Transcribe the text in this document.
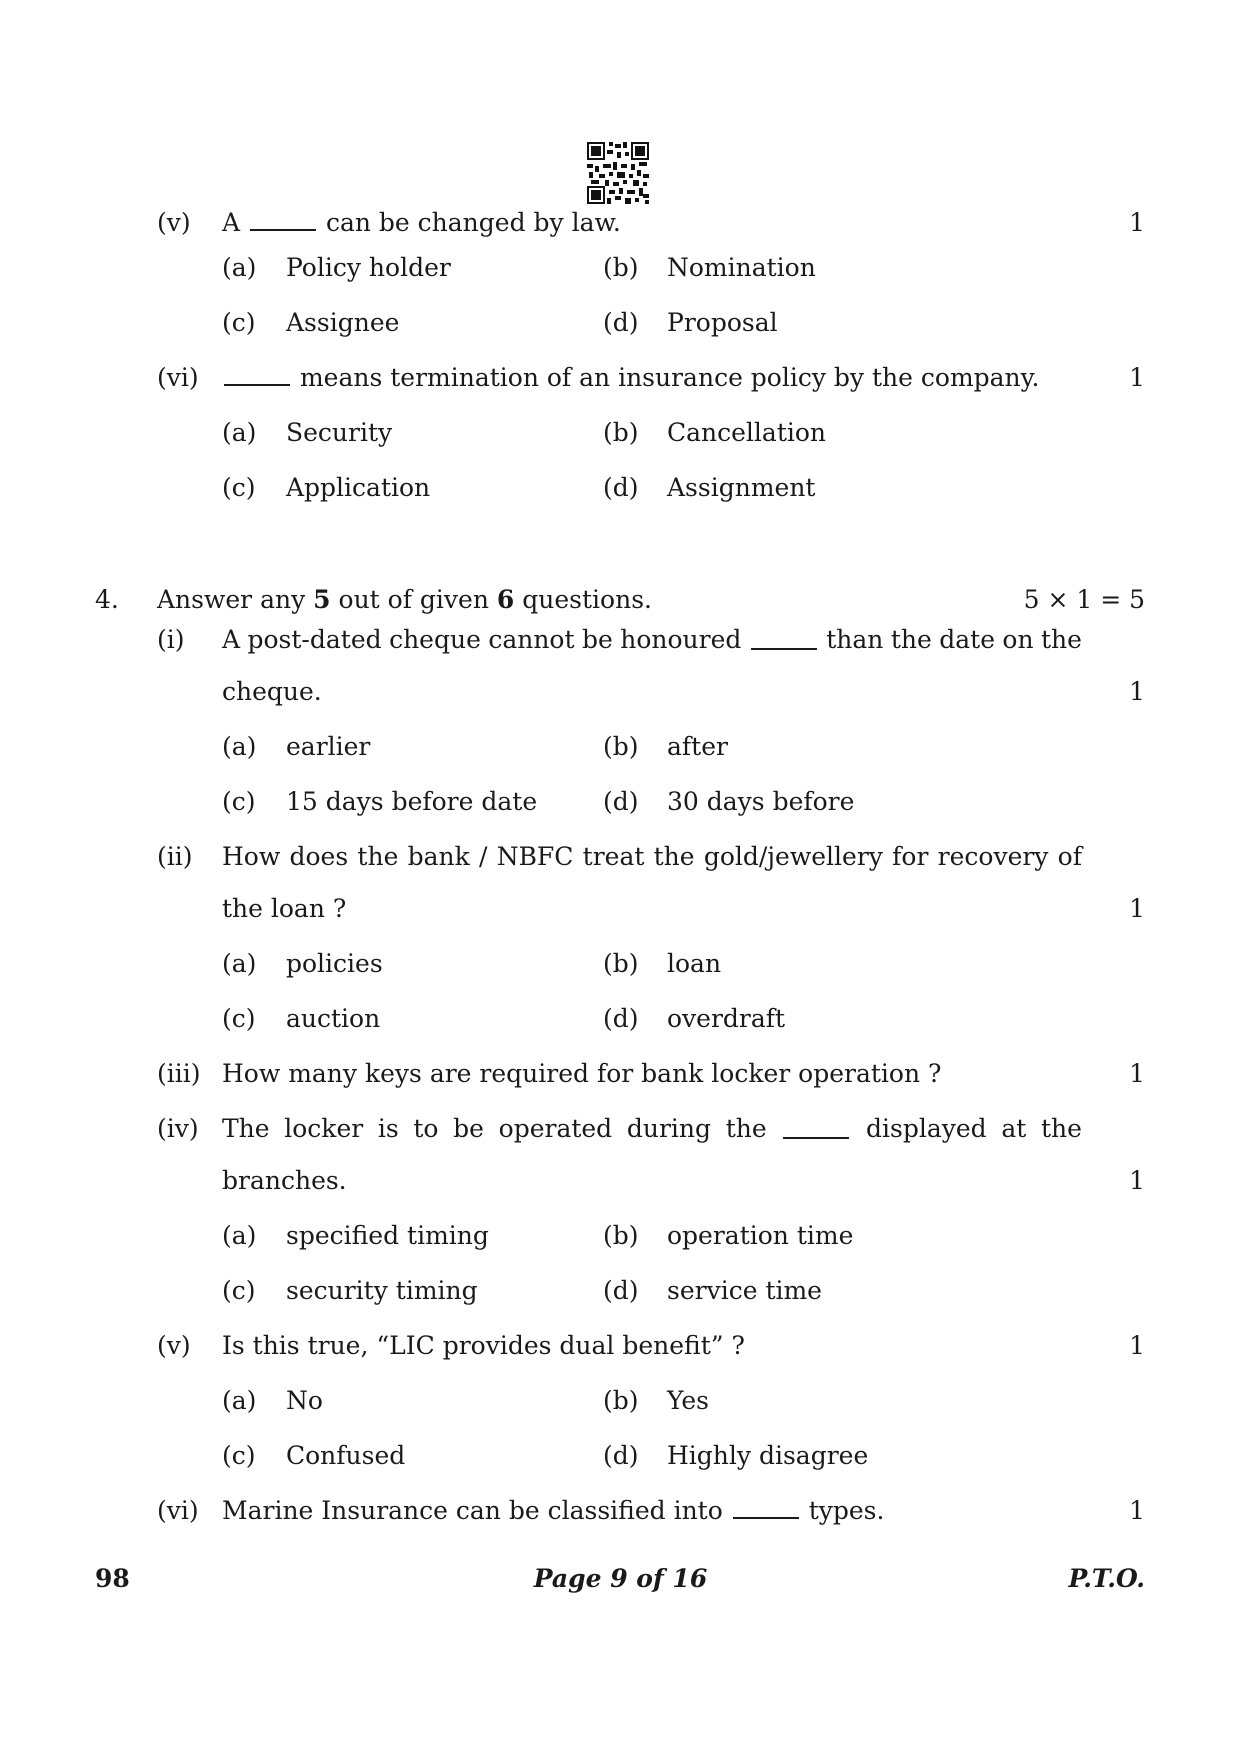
(v) A	can be changed by law.	1
(a) Policy holder	(b) Nomination
(c) Assignee	(d) Proposal
(vi)	means termination of an insurance policy by the company.	1
(a) Security	(b) Cancellation
(c) Application	(d) Assignment
4. Answer any 5 out of given 6 questions.	5 × 1 = 5
(i) A post-dated cheque cannot be honoured	than the date on the
cheque.	1
(a) earlier	(b) after
(c) 15 days before date	(d) 30 days before
(ii) How does the bank / NBFC treat the gold/jewellery for recovery of
the loan ?	1
(a) policies	(b) loan
(c) auction	(d) overdraft
(iii) How many keys are required for bank locker operation ?	1
(iv) The locker is to be operated during the	displayed at the
branches.	1
(a) specified timing	(b) operation time
(c) security timing	(d) service time
(v) Is this true, “LIC provides dual benefit” ?	1
(a) No	(b) Yes
(c) Confused	(d) Highly disagree
(vi) Marine Insurance can be classified into	types.	1
98	Page 9 of 16	P.T.O.
